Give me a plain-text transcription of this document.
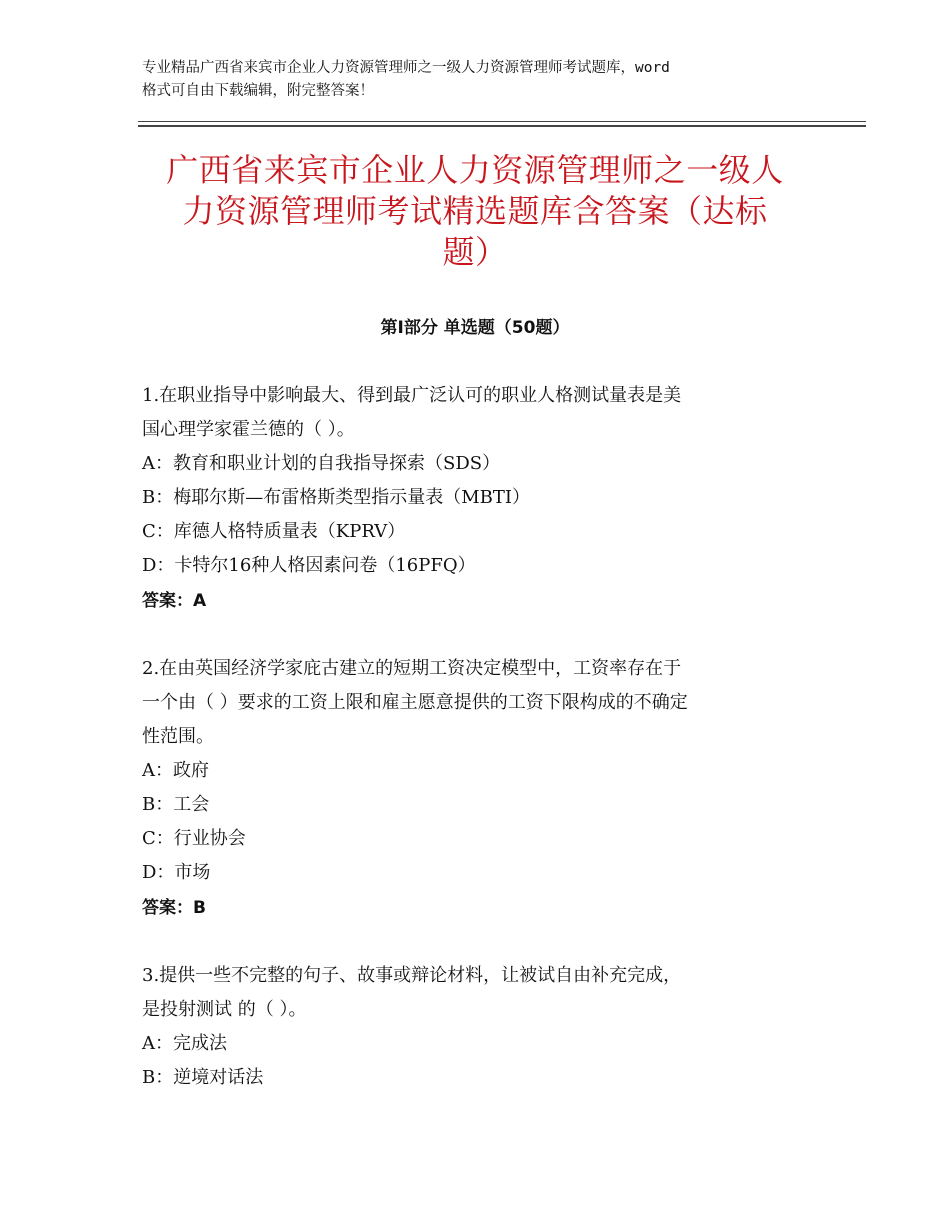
专业精品广西省来宾市企业人力资源管理师之一级人力资源管理师考试题库，word
格式可自由下载编辑，附完整答案！
广西省来宾市企业人力资源管理师之一级人
力资源管理师考试精选题库含答案（达标
题）
第Ⅰ部分 单选题（50题）
1.在职业指导中影响最大、得到最广泛认可的职业人格测试量表是美
国心理学家霍兰德的（ ）。
A：教育和职业计划的自我指导探索（SDS）
B：梅耶尔斯—布雷格斯类型指示量表（MBTI）
C：库德人格特质量表（KPRV）
D：卡特尔16种人格因素问卷（16PFQ）
答案：A
2.在由英国经济学家庇古建立的短期工资决定模型中，工资率存在于
一个由（ ）要求的工资上限和雇主愿意提供的工资下限构成的不确定
性范围。
A：政府
B：工会
C：行业协会
D：市场
答案：B
3.提供一些不完整的句子、故事或辩论材料，让被试自由补充完成，
是投射测试 的（ ）。
A：完成法
B：逆境对话法
